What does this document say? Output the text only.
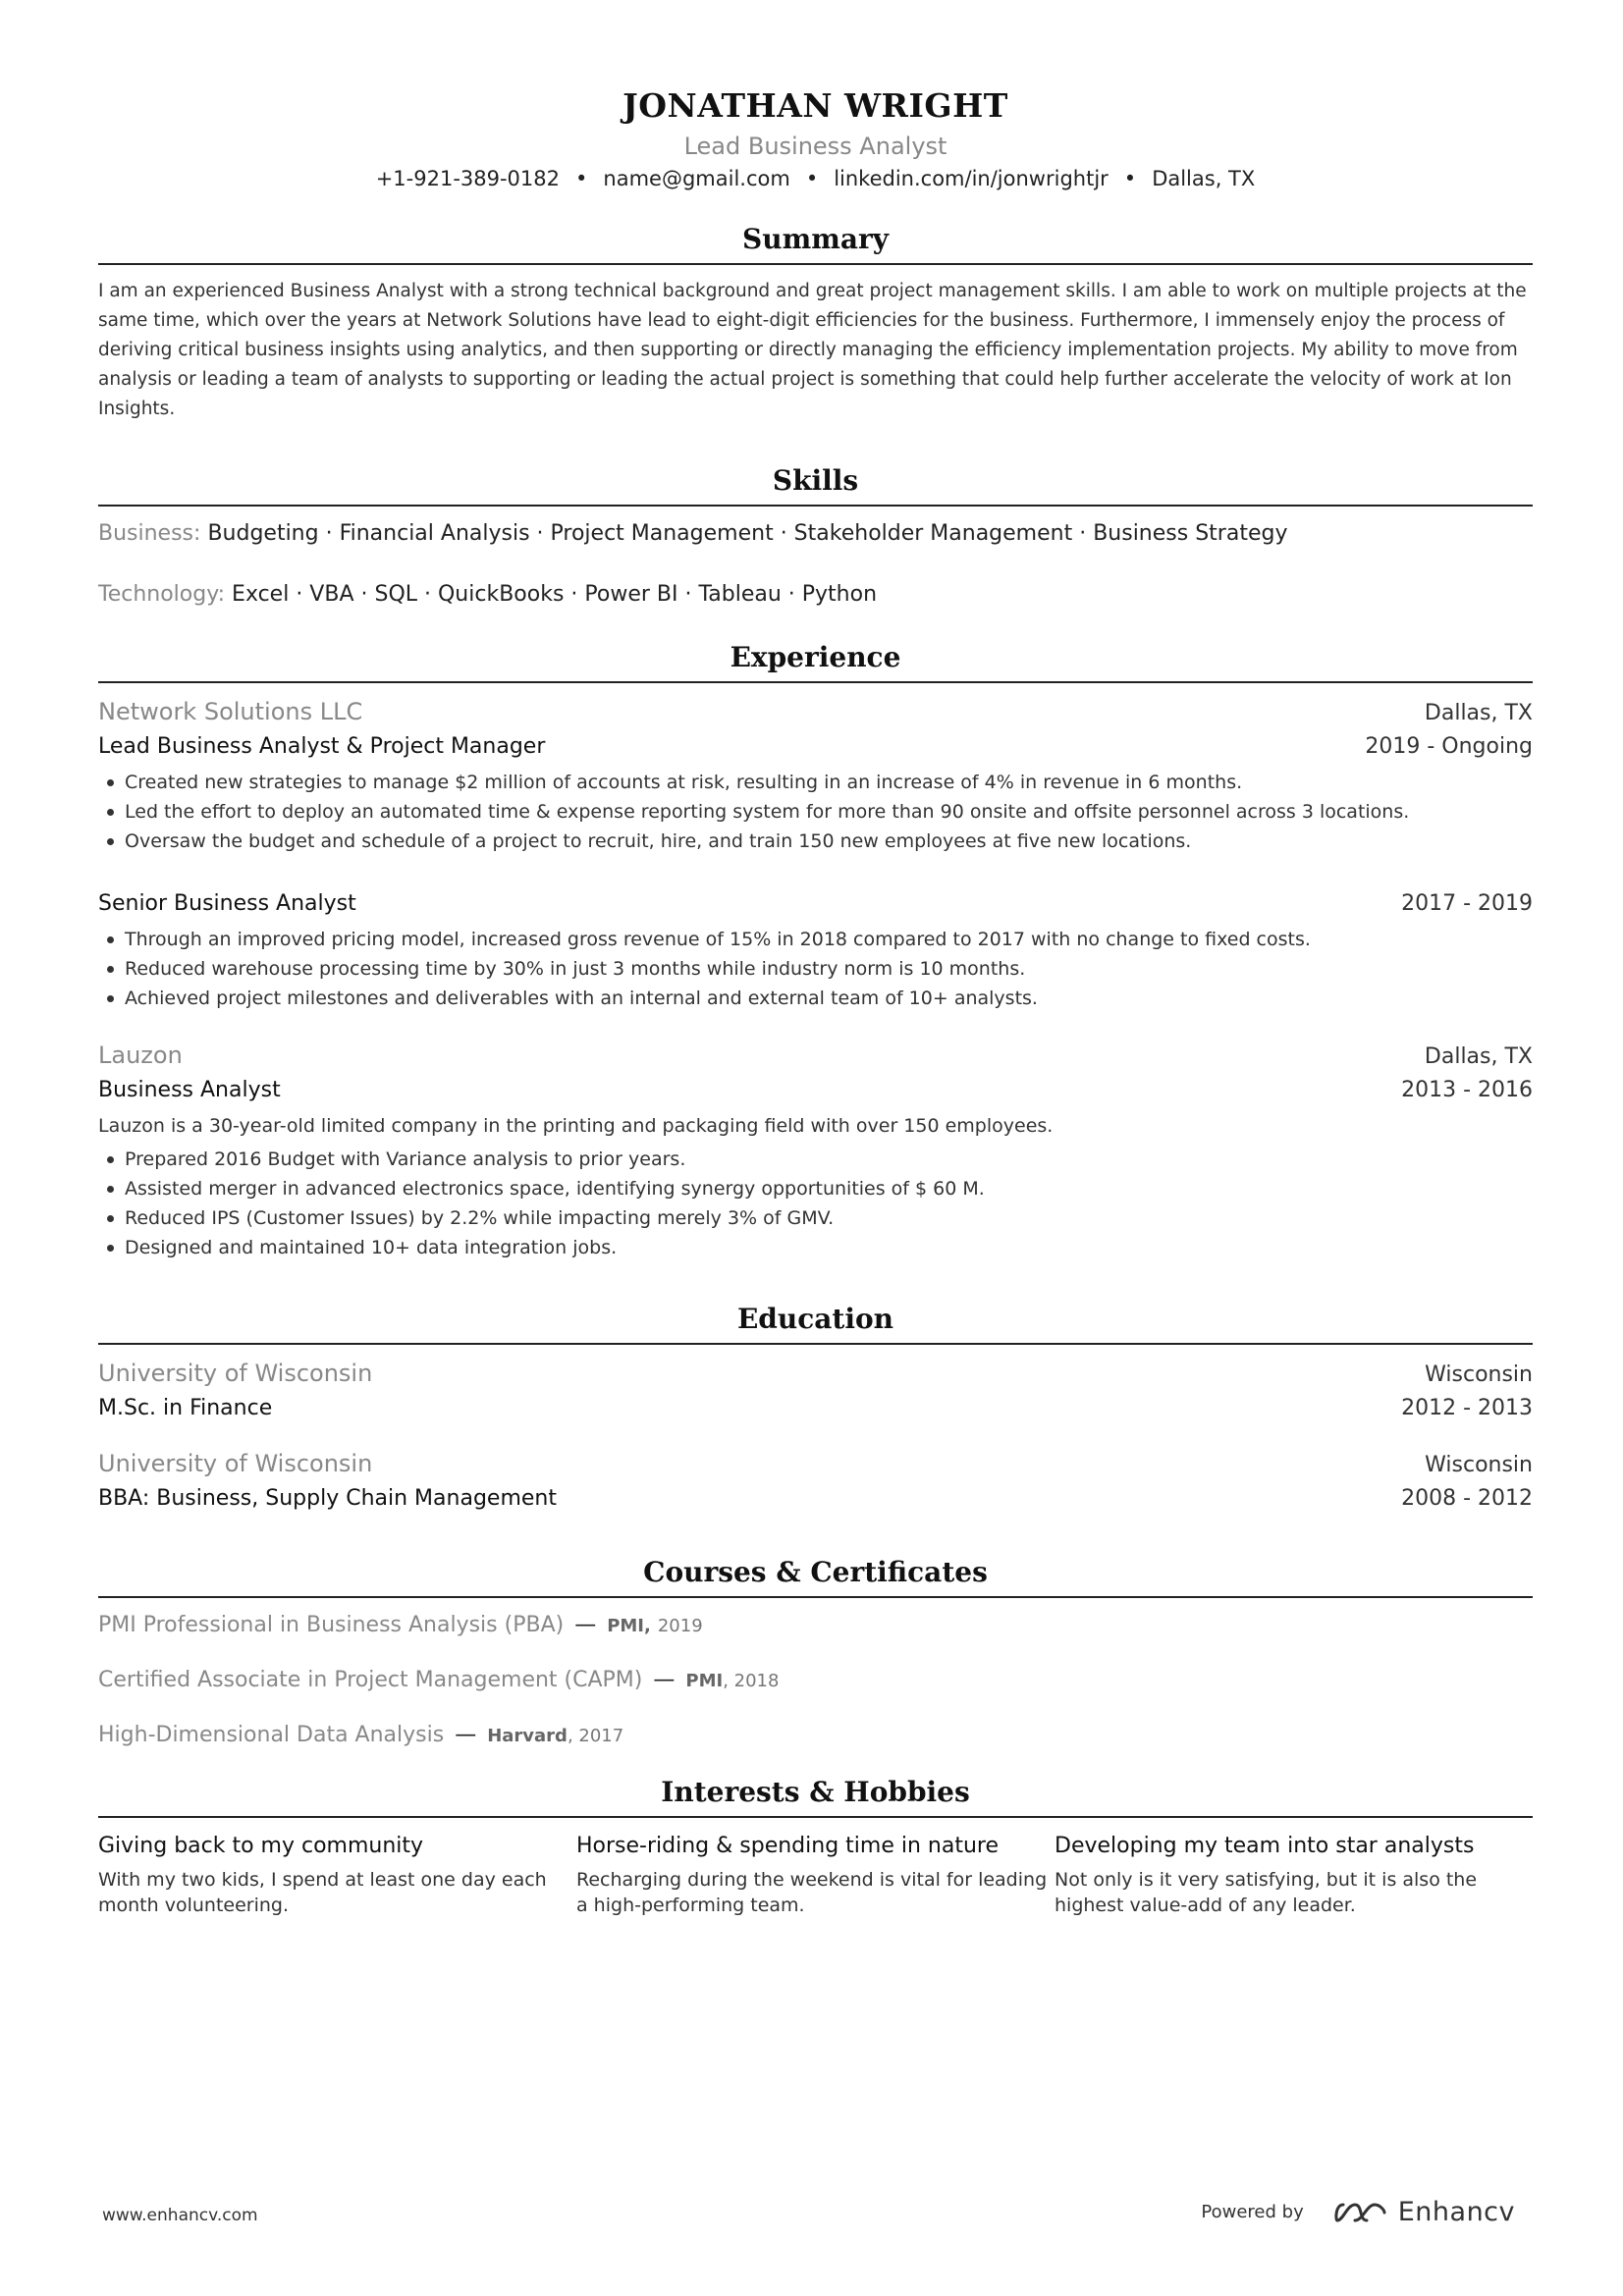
JONATHAN WRIGHT
Lead Business Analyst
+1-921-389-0182 • name@gmail.com • linkedin.com/in/jonwrightjr • Dallas, TX
Summary
I am an experienced Business Analyst with a strong technical background and great project management skills. I am able to work on multiple projects at the same time, which over the years at Network Solutions have lead to eight-digit efficiencies for the business. Furthermore, I immensely enjoy the process of deriving critical business insights using analytics, and then supporting or directly managing the efficiency implementation projects. My ability to move from analysis or leading a team of analysts to supporting or leading the actual project is something that could help further accelerate the velocity of work at Ion Insights.
Skills
Business: Budgeting · Financial Analysis · Project Management · Stakeholder Management · Business Strategy
Technology: Excel · VBA · SQL · QuickBooks · Power BI · Tableau · Python
Experience
Network Solutions LLC	Dallas, TX
Lead Business Analyst & Project Manager	2019 - Ongoing
Created new strategies to manage $2 million of accounts at risk, resulting in an increase of 4% in revenue in 6 months.
Led the effort to deploy an automated time & expense reporting system for more than 90 onsite and offsite personnel across 3 locations.
Oversaw the budget and schedule of a project to recruit, hire, and train 150 new employees at five new locations.
Senior Business Analyst	2017 - 2019
Through an improved pricing model, increased gross revenue of 15% in 2018 compared to 2017 with no change to fixed costs.
Reduced warehouse processing time by 30% in just 3 months while industry norm is 10 months.
Achieved project milestones and deliverables with an internal and external team of 10+ analysts.
Lauzon	Dallas, TX
Business Analyst	2013 - 2016
Lauzon is a 30-year-old limited company in the printing and packaging field with over 150 employees.
Prepared 2016 Budget with Variance analysis to prior years.
Assisted merger in advanced electronics space, identifying synergy opportunities of $ 60 M.
Reduced IPS (Customer Issues) by 2.2% while impacting merely 3% of GMV.
Designed and maintained 10+ data integration jobs.
Education
University of Wisconsin	Wisconsin
M.Sc. in Finance	2012 - 2013
University of Wisconsin	Wisconsin
BBA: Business, Supply Chain Management	2008 - 2012
Courses & Certificates
PMI Professional in Business Analysis (PBA) — PMI, 2019
Certified Associate in Project Management (CAPM) — PMI, 2018
High-Dimensional Data Analysis — Harvard, 2017
Interests & Hobbies
Giving back to my community
With my two kids, I spend at least one day each month volunteering.
Horse-riding & spending time in nature
Recharging during the weekend is vital for leading a high-performing team.
Developing my team into star analysts
Not only is it very satisfying, but it is also the highest value-add of any leader.
www.enhancv.com	Powered by	Enhancv
